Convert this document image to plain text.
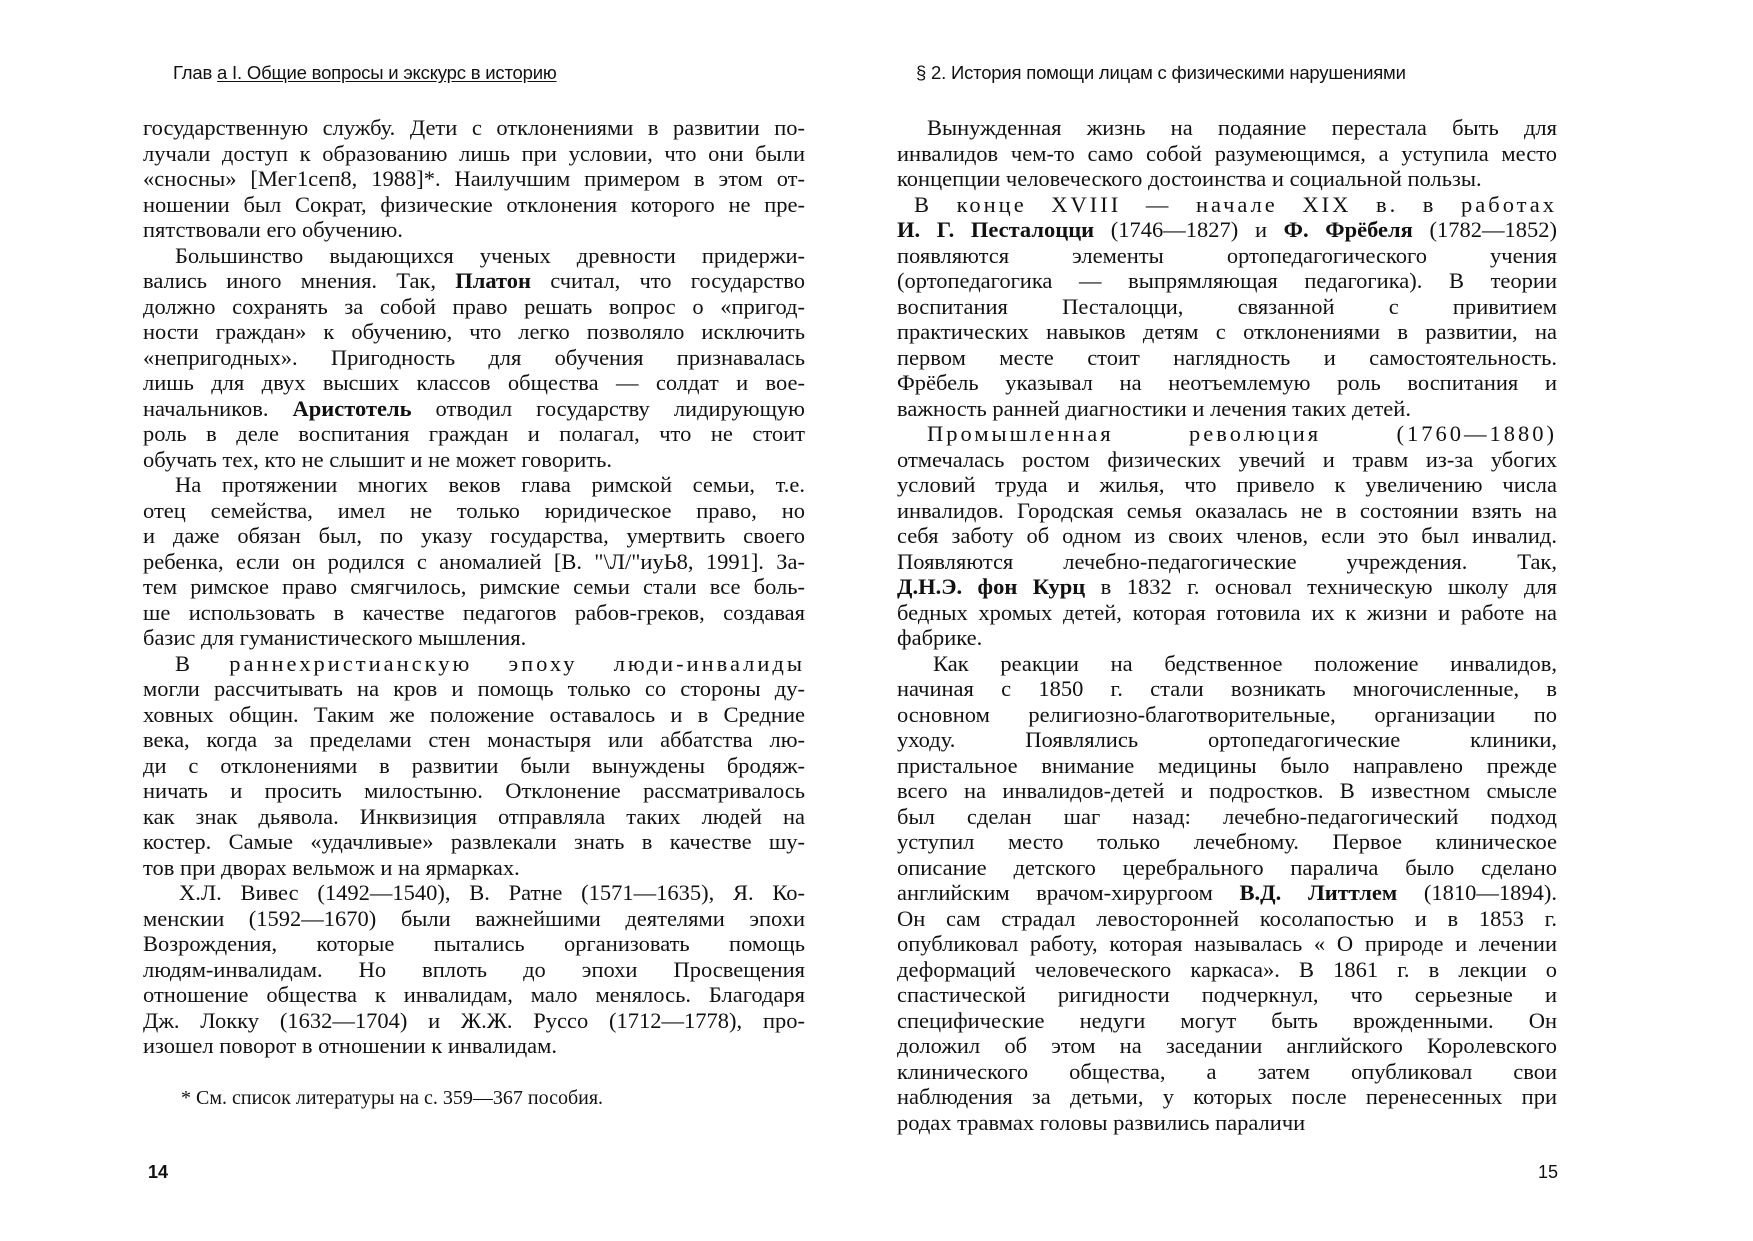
Глав а I. Общие вопросы и экскурс в историю
государственную службу. Дети с отклонениями в развитии по-
лучали доступ к образованию лишь при условии, что они были
«сносны» [Мег1сеп8, 1988]*. Наилучшим примером в этом от-
ношении был Сократ, физические отклонения которого не пре-
пятствовали его обучению.
Большинство выдающихся ученых древности придержи-
вались иного мнения. Так, Платон считал, что государство
должно сохранять за собой право решать вопрос о «пригод-
ности граждан» к обучению, что легко позволяло исключить
«непригодных». Пригодность для обучения признавалась
лишь для двух высших классов общества — солдат и вое-
начальников. Аристотель отводил государству лидирующую
роль в деле воспитания граждан и полагал, что не стоит
обучать тех, кто не слышит и не может говорить.
На протяжении многих веков глава римской семьи, т.е.
отец семейства, имел не только юридическое право, но
и даже обязан был, по указу государства, умертвить своего
ребенка, если он родился с аномалией [В. "\Л/"иуЬ8, 1991]. За-
тем римское право смягчилось, римские семьи стали все боль-
ше использовать в качестве педагогов рабов-греков, создавая
базис для гуманистического мышления.
В раннехристианскую эпоху люди-инвалиды
могли рассчитывать на кров и помощь только со стороны ду-
ховных общин. Таким же положение оставалось и в Средние
века, когда за пределами стен монастыря или аббатства лю-
ди с отклонениями в развитии были вынуждены бродяж-
ничать и просить милостыню. Отклонение рассматривалось
как знак дьявола. Инквизиция отправляла таких людей на
костер. Самые «удачливые» развлекали знать в качестве шу-
тов при дворах вельмож и на ярмарках.
Х.Л. Вивес (1492—1540), В. Ратне (1571—1635), Я. Ко-
менскии (1592—1670) были важнейшими деятелями эпохи
Возрождения, которые пытались организовать помощь
людям-инвалидам. Но вплоть до эпохи Просвещения
отношение общества к инвалидам, мало менялось. Благодаря
Дж. Локку (1632—1704) и Ж.Ж. Руссо (1712—1778), про-
изошел поворот в отношении к инвалидам.
* См. список литературы на с. 359—367 пособия.
14
§ 2. История помощи лицам с физическими нарушениями
Вынужденная жизнь на подаяние перестала быть для
инвалидов чем-то само собой разумеющимся, а уступила место
концепции человеческого достоинства и социальной пользы.
В конце XVIII — начале XIX в. в работах
И. Г. Песталоцци (1746—1827) и Ф. Фрёбеля (1782—1852)
появляются элементы ортопедагогического учения
(ортопедагогика — выпрямляющая педагогика). В теории
воспитания Песталоцци, связанной с привитием
практических навыков детям с отклонениями в развитии, на
первом месте стоит наглядность и самостоятельность.
Фрёбель указывал на неотъемлемую роль воспитания и
важность ранней диагностики и лечения таких детей.
Промышленная революция (1760—1880)
отмечалась ростом физических увечий и травм из-за убогих
условий труда и жилья, что привело к увеличению числа
инвалидов. Городская семья оказалась не в состоянии взять на
себя заботу об одном из своих членов, если это был инвалид.
Появляются лечебно-педагогические учреждения. Так,
Д.Н.Э. фон Курц в 1832 г. основал техническую школу для
бедных хромых детей, которая готовила их к жизни и работе на
фабрике.
Как реакции на бедственное положение инвалидов,
начиная с 1850 г. стали возникать многочисленные, в
основном религиозно-благотворительные, организации по
уходу. Появлялись ортопедагогические клиники,
пристальное внимание медицины было направлено прежде
всего на инвалидов-детей и подростков. В известном смысле
был сделан шаг назад: лечебно-педагогический подход
уступил место только лечебному. Первое клиническое
описание детского церебрального паралича было сделано
английским врачом-хирургоом В.Д. Литтлем (1810—1894).
Он сам страдал левосторонней косолапостью и в 1853 г.
опубликовал работу, которая называлась « О природе и лечении
деформаций человеческого каркаса». В 1861 г. в лекции о
спастической ригидности подчеркнул, что серьезные и
специфические недуги могут быть врожденными. Он
доложил об этом на заседании английского Королевского
клинического общества, а затем опубликовал свои
наблюдения за детьми, у которых после перенесенных при
родах травмах головы развились параличи
15
